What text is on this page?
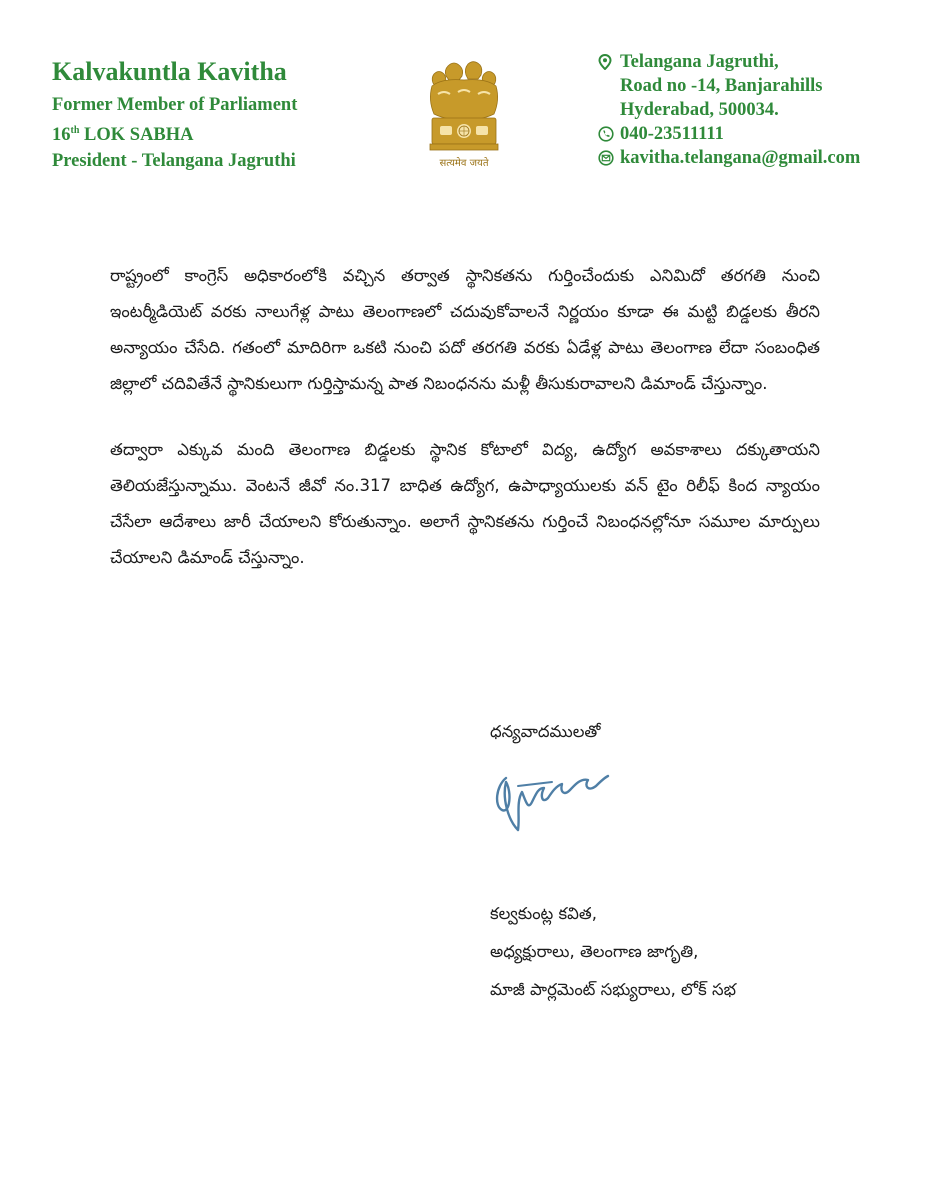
Kalvakuntla Kavitha
Former Member of Parliament
16th LOK SABHA
President - Telangana Jagruthi	सत्यमेव जयते
Telangana Jagruthi,
Road no -14, Banjarahills
Hyderabad, 500034.
040-23511111
kavitha.telangana@gmail.com
రాష్ట్రంలో కాంగ్రెస్ అధికారంలోకి వచ్చిన తర్వాత స్థానికతను గుర్తించేందుకు ఎనిమిదో తరగతి నుంచి ఇంటర్మీడియెట్ వరకు నాలుగేళ్ల పాటు తెలంగాణలో చదువుకోవాలనే నిర్ణయం కూడా ఈ మట్టి బిడ్డలకు తీరని అన్యాయం చేసేది. గతంలో మాదిరిగా ఒకటి నుంచి పదో తరగతి వరకు ఏడేళ్ల పాటు తెలంగాణ లేదా సంబంధిత జిల్లాలో చదివితేనే స్థానికులుగా గుర్తిస్తామన్న పాత నిబంధనను మళ్లీ తీసుకురావాలని డిమాండ్ చేస్తున్నాం.
తద్వారా ఎక్కువ మంది తెలంగాణ బిడ్డలకు స్థానిక కోటాలో విద్య, ఉద్యోగ అవకాశాలు దక్కుతాయని తెలియజేస్తున్నాము. వెంటనే జీవో నం.317 బాధిత ఉద్యోగ, ఉపాధ్యాయులకు వన్ టైం రిలీఫ్ కింద న్యాయం చేసేలా ఆదేశాలు జారీ చేయాలని కోరుతున్నాం. అలాగే స్థానికతను గుర్తించే నిబంధనల్లోనూ సమూల మార్పులు చేయాలని డిమాండ్ చేస్తున్నాం.
ధన్యవాదములతో
కల్వకుంట్ల కవిత,
అధ్యక్షురాలు, తెలంగాణ జాగృతి,
మాజీ పార్లమెంట్ సభ్యురాలు, లోక్ సభ
